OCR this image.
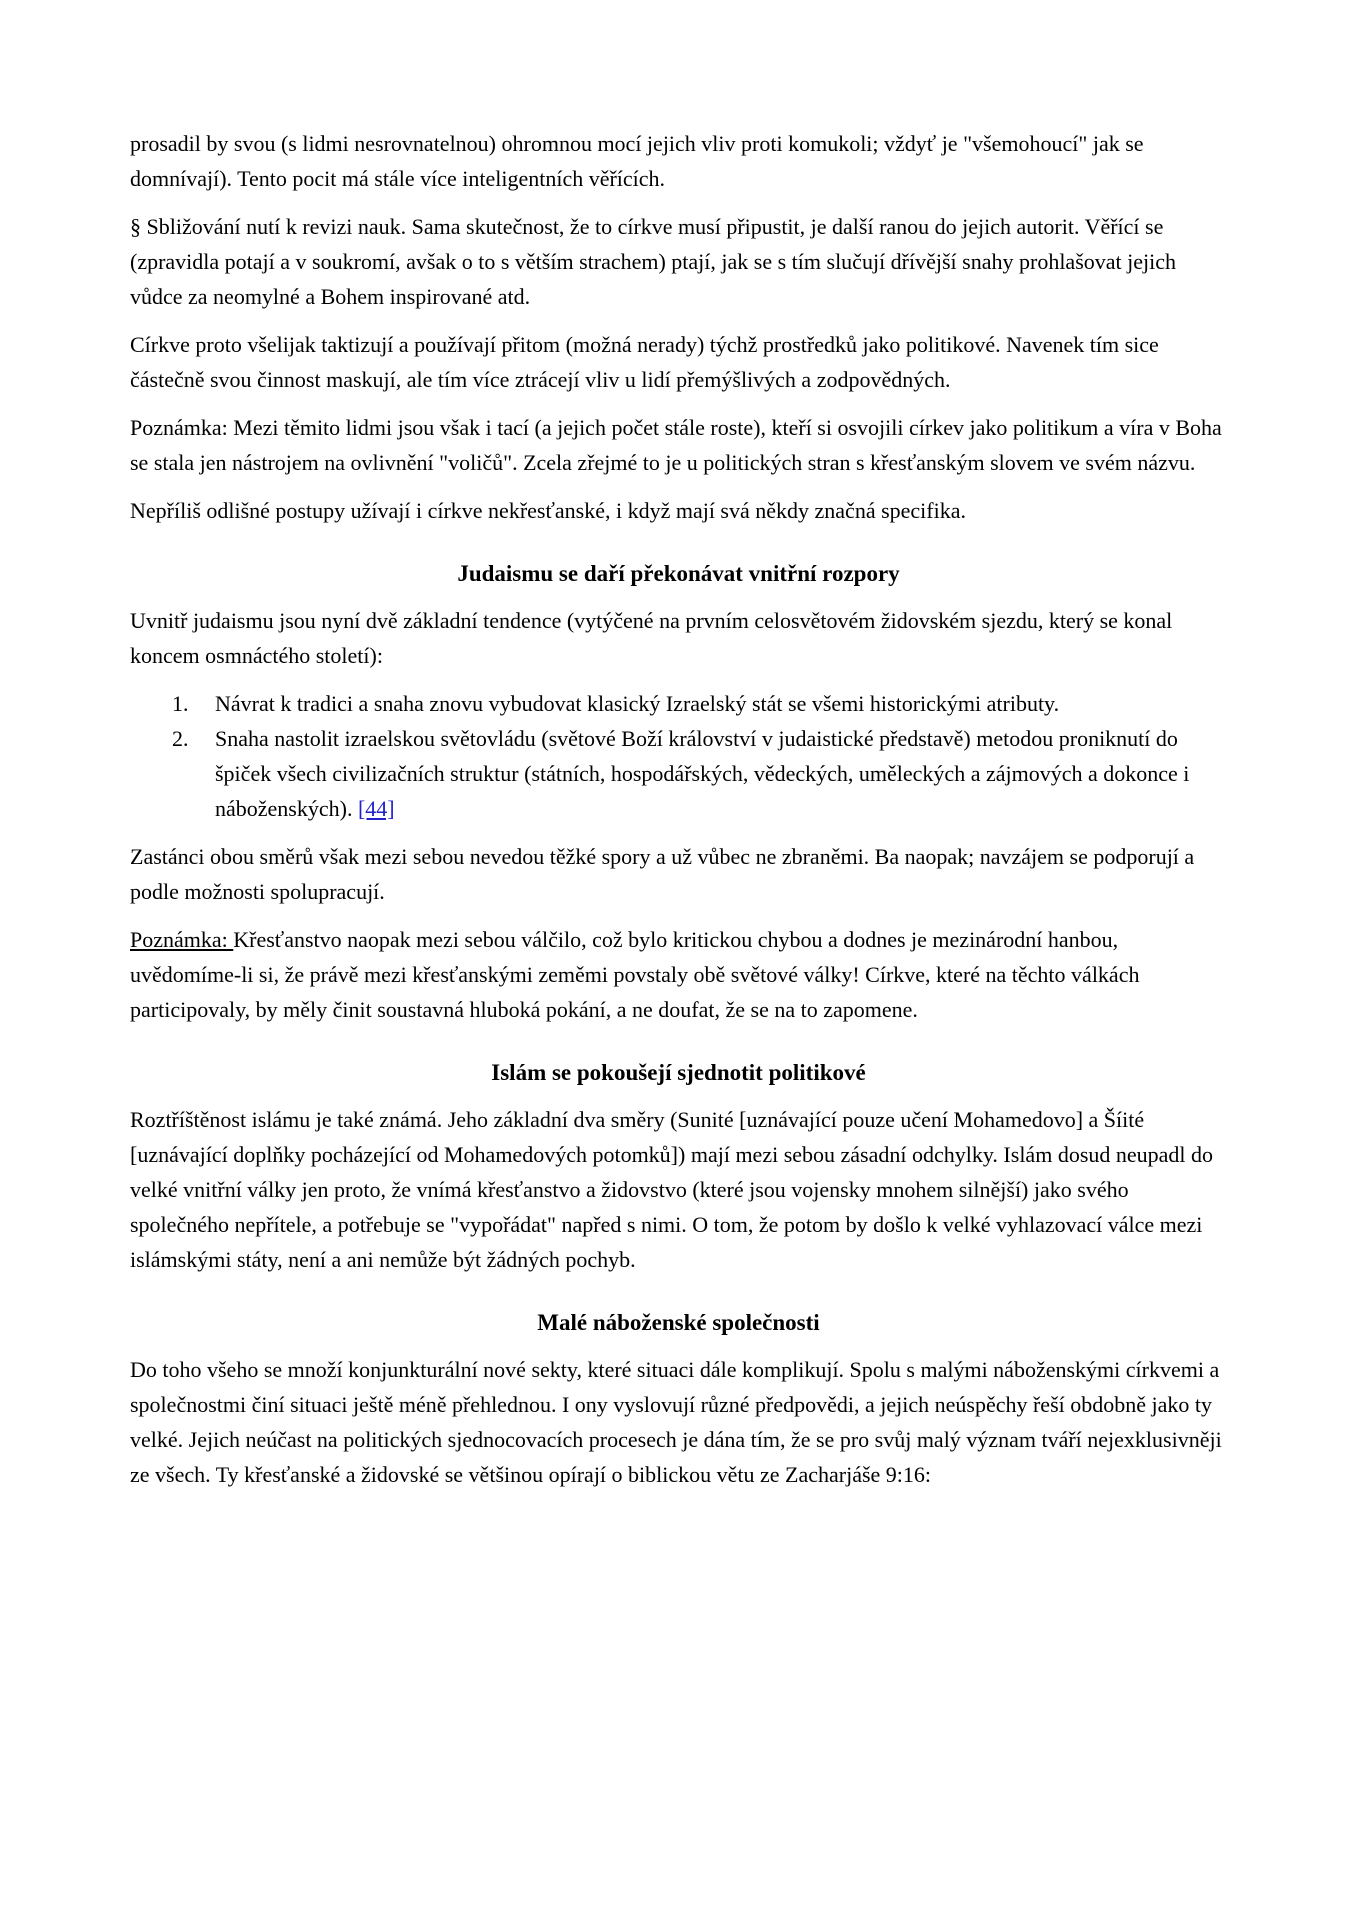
prosadil by svou (s lidmi nesrovnatelnou) ohromnou mocí jejich vliv proti komukoli; vždyť je "všemohoucí" jak se domnívají). Tento pocit má stále více inteligentních věřících.

§ Sbližování nutí k revizi nauk. Sama skutečnost, že to církve musí připustit, je další ranou do jejich autorit. Věřící se (zpravidla potají a v soukromí, avšak o to s větším strachem) ptají, jak se s tím slučují dřívější snahy prohlašovat jejich vůdce za neomylné a Bohem inspirované atd.

Církve proto všelijak taktizují a používají přitom (možná nerady) týchž prostředků jako politikové. Navenek tím sice částečně svou činnost maskují, ale tím více ztrácejí vliv u lidí přemýšlivých a zodpovědných.

Poznámka: Mezi těmito lidmi jsou však i tací (a jejich počet stále roste), kteří si osvojili církev jako politikum a víra v Boha se stala jen nástrojem na ovlivnění "voličů". Zcela zřejmé to je u politických stran s křesťanským slovem ve svém názvu.

Nepříliš odlišné postupy užívají i církve nekřesťanské, i když mají svá někdy značná specifika.

Judaismu se daří překonávat vnitřní rozpory

Uvnitř judaismu jsou nyní dvě základní tendence (vytýčené na prvním celosvětovém židovském sjezdu, který se konal koncem osmnáctého století):

1.	Návrat k tradici a snaha znovu vybudovat klasický Izraelský stát se všemi historickými atributy.
2.	Snaha nastolit izraelskou světovládu (světové Boží království v judaistické představě) metodou proniknutí do špiček všech civilizačních struktur (státních, hospodářských, vědeckých, uměleckých a zájmových a dokonce i náboženských). [44]

Zastánci obou směrů však mezi sebou nevedou těžké spory a už vůbec ne zbraněmi. Ba naopak; navzájem se podporují a podle možnosti spolupracují.

Poznámka: Křesťanstvo naopak mezi sebou válčilo, což bylo kritickou chybou a dodnes je mezinárodní hanbou, uvědomíme-li si, že právě mezi křesťanskými zeměmi povstaly obě světové války! Církve, které na těchto válkách participovaly, by měly činit soustavná hluboká pokání, a ne doufat, že se na to zapomene.

Islám se pokoušejí sjednotit politikové

Roztříštěnost islámu je také známá. Jeho základní dva směry (Sunité [uznávající pouze učení Mohamedovo] a Šíité [uznávající doplňky pocházející od Mohamedových potomků]) mají mezi sebou zásadní odchylky. Islám dosud neupadl do velké vnitřní války jen proto, že vnímá křesťanstvo a židovstvo (které jsou vojensky mnohem silnější) jako svého společného nepřítele, a potřebuje se "vypořádat" napřed s nimi. O tom, že potom by došlo k velké vyhlazovací válce mezi islámskými státy, není a ani nemůže být žádných pochyb.

Malé náboženské společnosti

Do toho všeho se množí konjunkturální nové sekty, které situaci dále komplikují. Spolu s malými náboženskými církvemi a společnostmi činí situaci ještě méně přehlednou. I ony vyslovují různé předpovědi, a jejich neúspěchy řeší obdobně jako ty velké. Jejich neúčast na politických sjednocovacích procesech je dána tím, že se pro svůj malý význam tváří nejexklusivněji ze všech. Ty křesťanské a židovské se většinou opírají o biblickou větu ze Zacharjáše 9:16:
